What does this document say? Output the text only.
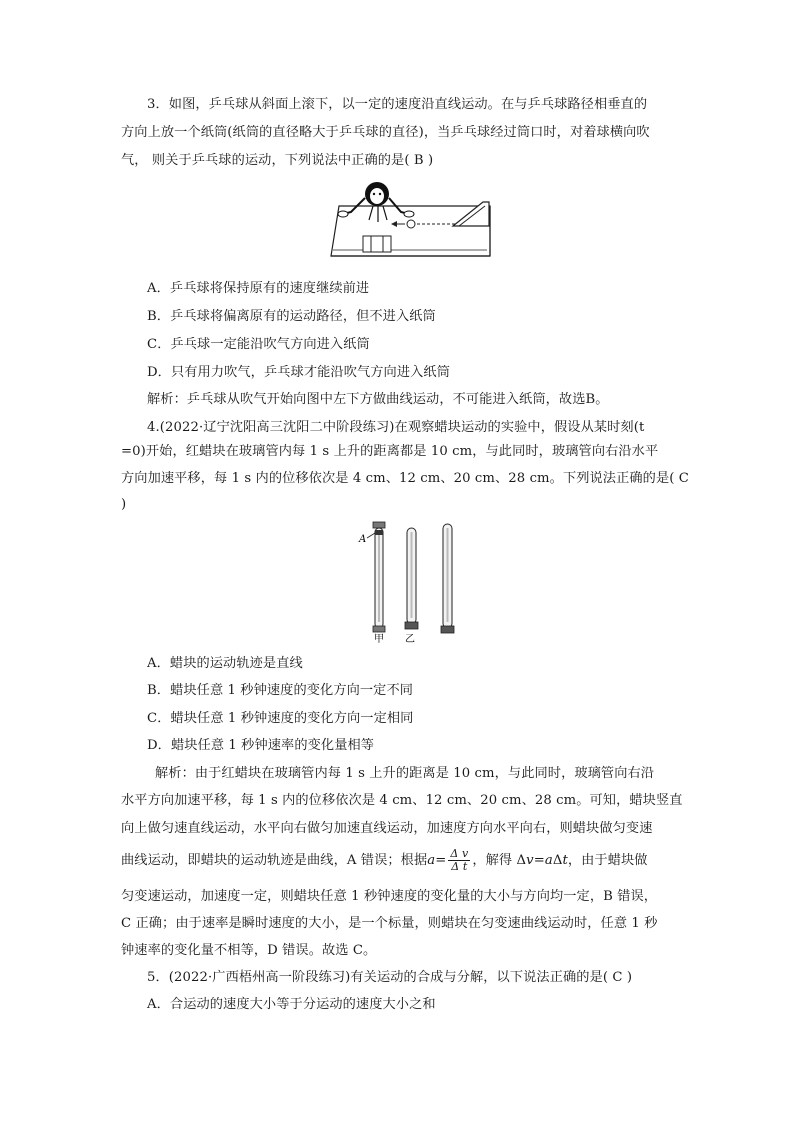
3．如图，乒乓球从斜面上滚下，以一定的速度沿直线运动。在与乒乓球路径相垂直的
方向上放一个纸筒(纸筒的直径略大于乒乓球的直径)，当乒乓球经过筒口时，对着球横向吹
气， 则关于乒乓球的运动，下列说法中正确的是( B )
A．乒乓球将保持原有的速度继续前进
B．乒乓球将偏离原有的运动路径，但不进入纸筒
C．乒乓球一定能沿吹气方向进入纸筒
D．只有用力吹气，乒乓球才能沿吹气方向进入纸筒
解析：乒乓球从吹气开始向图中左下方做曲线运动，不可能进入纸筒，故选B。
4.(2022·辽宁沈阳高三沈阳二中阶段练习)在观察蜡块运动的实验中，假设从某时刻(t
=0)开始，红蜡块在玻璃管内每 1 s 上升的距离都是 10 cm，与此同时，玻璃管向右沿水平
方向加速平移，每 1 s 内的位移依次是 4 cm、12 cm、20 cm、28 cm。下列说法正确的是( C
)
A
甲 乙
A．蜡块的运动轨迹是直线
B．蜡块任意 1 秒钟速度的变化方向一定不同
C．蜡块任意 1 秒钟速度的变化方向一定相同
D．蜡块任意 1 秒钟速率的变化量相等
解析：由于红蜡块在玻璃管内每 1 s 上升的距离是 10 cm，与此同时，玻璃管向右沿
水平方向加速平移，每 1 s 内的位移依次是 4 cm、12 cm、20 cm、28 cm。可知，蜡块竖直
向上做匀速直线运动，水平向右做匀加速直线运动，加速度方向水平向右，则蜡块做匀变速
曲线运动，即蜡块的运动轨迹是曲线，A 错误；根据$a= \frac{\text{Δ v}}{\text{Δ t}}$ ，解得 Δv=aΔt，由于蜡块做
匀变速运动，加速度一定，则蜡块任意 1 秒钟速度的变化量的大小与方向均一定，B 错误，
C 正确；由于速率是瞬时速度的大小，是一个标量，则蜡块在匀变速曲线运动时，任意 1 秒
钟速率的变化量不相等，D 错误。故选 C。
5．(2022·广西梧州高一阶段练习)有关运动的合成与分解，以下说法正确的是( C )
A．合运动的速度大小等于分运动的速度大小之和
